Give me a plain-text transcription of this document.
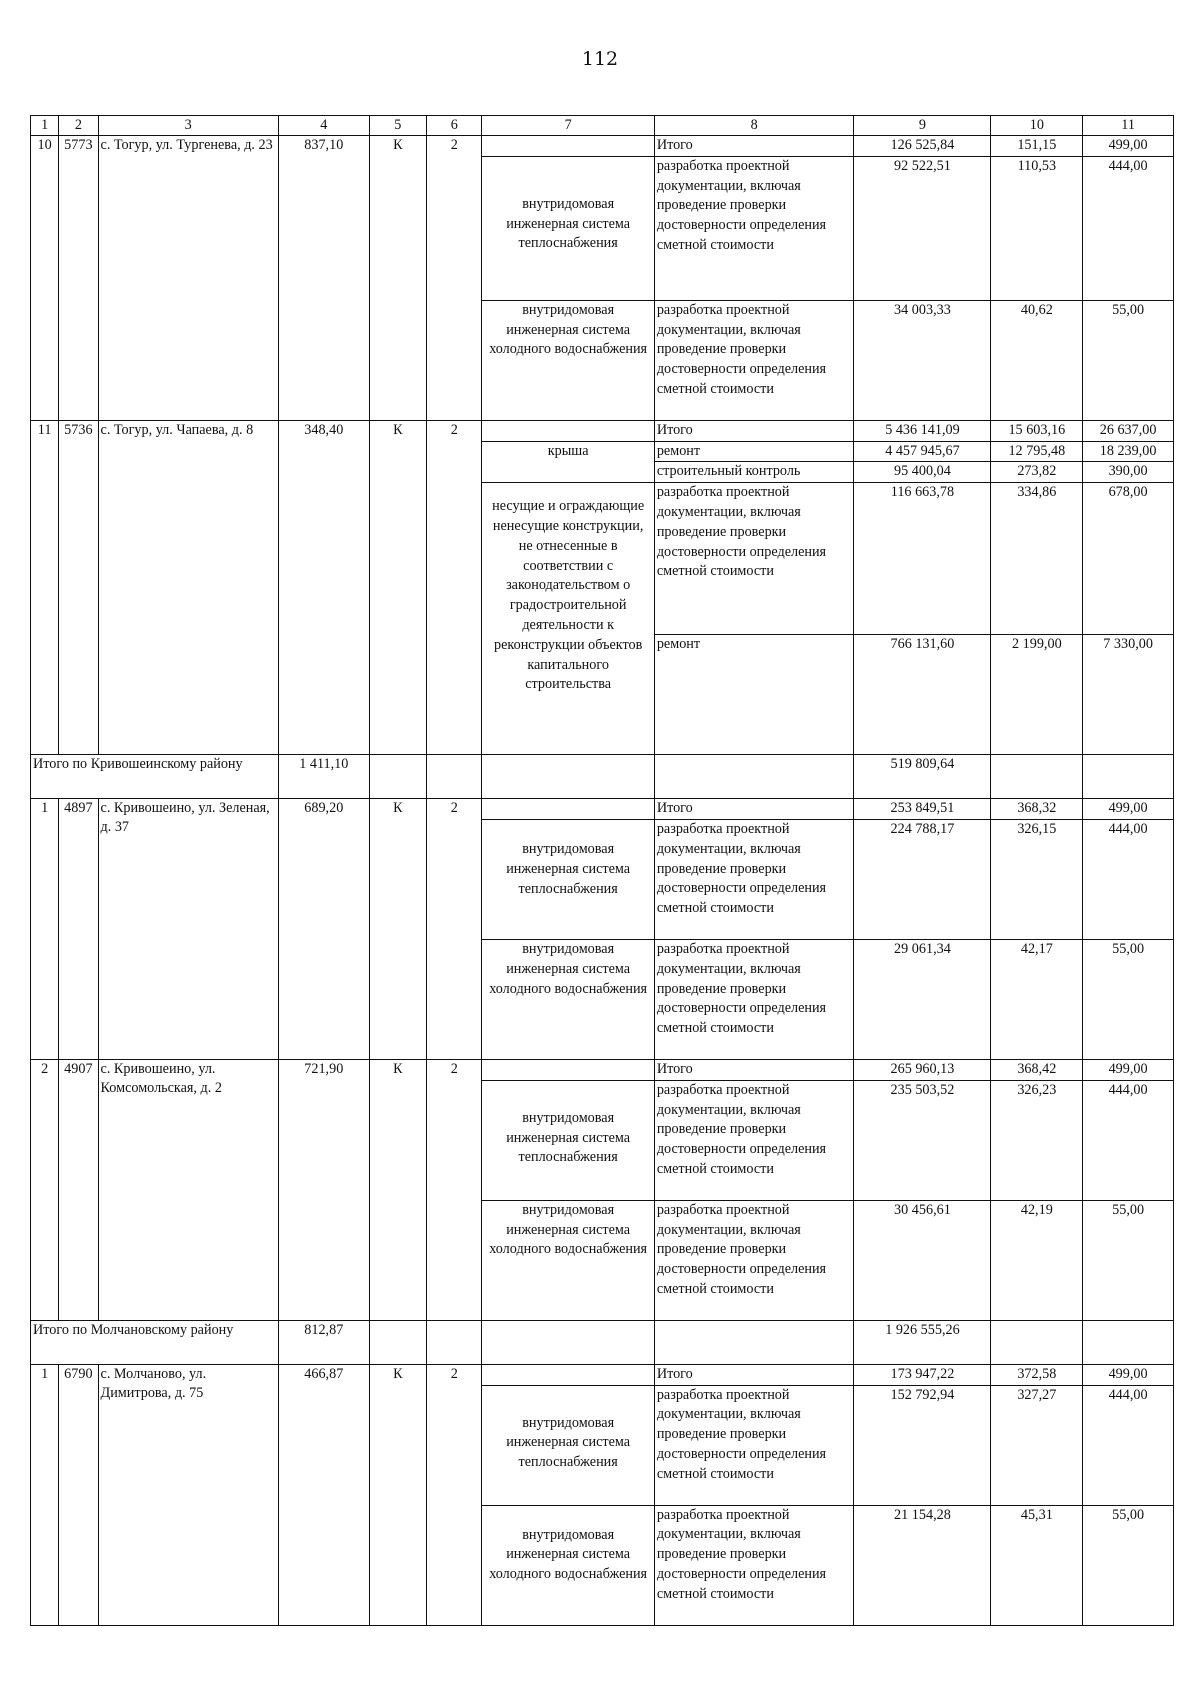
112
1	2	3	4	5	6	7	8	9	10	11
10	5773	с. Тогур, ул. Тургенева, д. 23	837,10	К	2		Итого	126 525,84	151,15	499,00
						внутридомовая инженерная система теплоснабжения	разработка проектной документации, включая проведение проверки достоверности определения сметной стоимости	92 522,51	110,53	444,00
						внутридомовая инженерная система холодного водоснабжения	разработка проектной документации, включая проведение проверки достоверности определения сметной стоимости	34 003,33	40,62	55,00
11	5736	с. Тогур, ул. Чапаева, д. 8	348,40	К	2		Итого	5 436 141,09	15 603,16	26 637,00
						крыша	ремонт	4 457 945,67	12 795,48	18 239,00
							строительный контроль	95 400,04	273,82	390,00
						несущие и ограждающие ненесущие конструкции, не отнесенные в соответствии с законодательством о градостроительной деятельности к реконструкции объектов капитального строительства	разработка проектной документации, включая проведение проверки достоверности определения сметной стоимости	116 663,78	334,86	678,00
							ремонт	766 131,60	2 199,00	7 330,00
Итого по Кривошеинскому району			1 411,10					519 809,64		
1	4897	с. Кривошеино, ул. Зеленая, д. 37	689,20	К	2		Итого	253 849,51	368,32	499,00
						внутридомовая инженерная система теплоснабжения	разработка проектной документации, включая проведение проверки достоверности определения сметной стоимости	224 788,17	326,15	444,00
						внутридомовая инженерная система холодного водоснабжения	разработка проектной документации, включая проведение проверки достоверности определения сметной стоимости	29 061,34	42,17	55,00
2	4907	с. Кривошеино, ул. Комсомольская, д. 2	721,90	К	2		Итого	265 960,13	368,42	499,00
						внутридомовая инженерная система теплоснабжения	разработка проектной документации, включая проведение проверки достоверности определения сметной стоимости	235 503,52	326,23	444,00
						внутридомовая инженерная система холодного водоснабжения	разработка проектной документации, включая проведение проверки достоверности определения сметной стоимости	30 456,61	42,19	55,00
Итого по Молчановскому району			812,87					1 926 555,26		
1	6790	с. Молчаново, ул. Димитрова, д. 75	466,87	К	2		Итого	173 947,22	372,58	499,00
						внутридомовая инженерная система теплоснабжения	разработка проектной документации, включая проведение проверки достоверности определения сметной стоимости	152 792,94	327,27	444,00
						внутридомовая инженерная система холодного водоснабжения	разработка проектной документации, включая проведение проверки достоверности определения сметной стоимости	21 154,28	45,31	55,00
